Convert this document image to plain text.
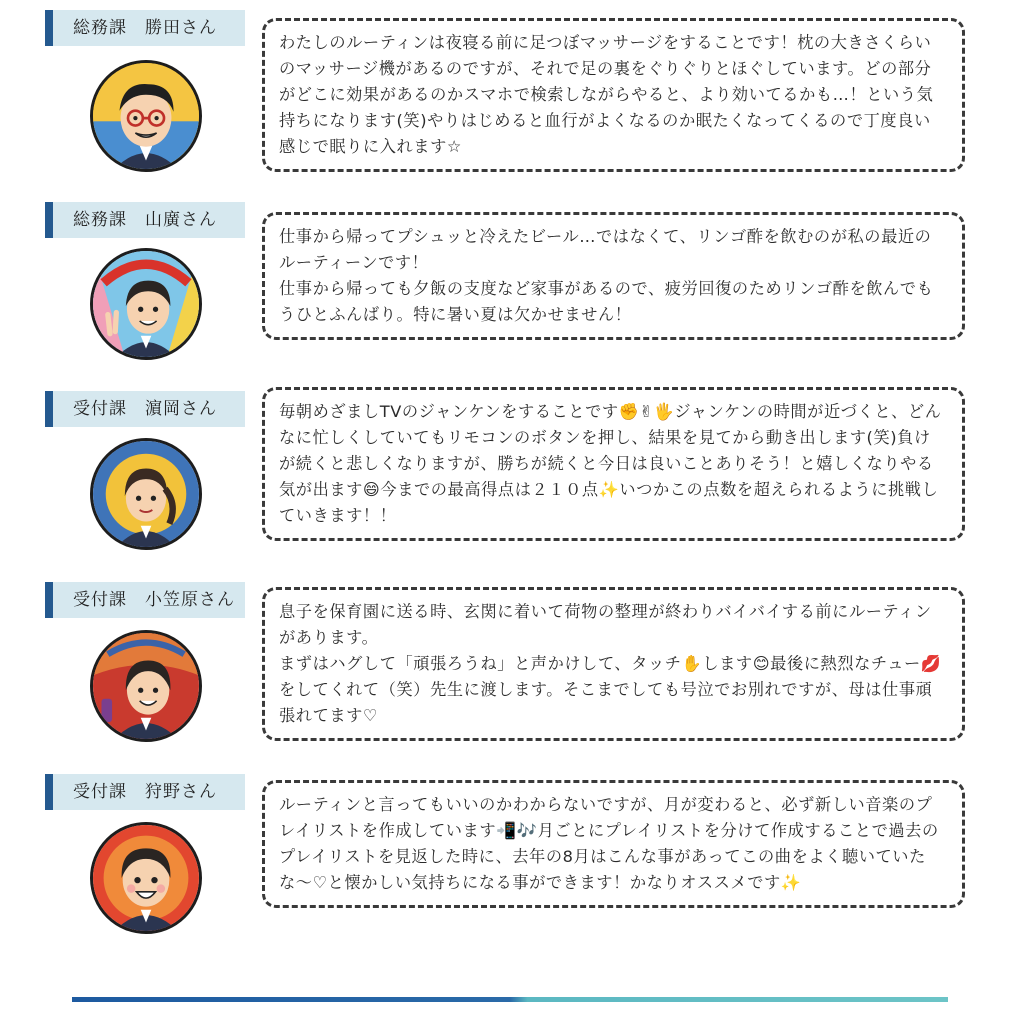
総務課　勝田さん

わたしのルーティンは夜寝る前に足つぼマッサージをすることです！枕の大きさくらいのマッサージ機があるのですが、それで足の裏をぐりぐりとほぐしています。どの部分がどこに効果があるのかスマホで検索しながらやると、より効いてるかも…！という気持ちになります(笑)やりはじめると血行がよくなるのか眠たくなってくるので丁度良い感じで眠りに入れます☆

総務課　山廣さん

仕事から帰ってプシュッと冷えたビール…ではなくて、リンゴ酢を飲むのが私の最近のルーティーンです！
仕事から帰っても夕飯の支度など家事があるので、疲労回復のためリンゴ酢を飲んでもうひとふんばり。特に暑い夏は欠かせません！

受付課　濵岡さん	毎朝めざましTVのジャンケンをすることです✊✌🖐ジャンケンの時間が近づくと、どんなに忙しくしていてもリモコンのボタンを押し、結果を見てから動き出します(笑)負けが続くと悲しくなりますが、勝ちが続くと今日は良いことありそう！と嬉しくなりやる気が出ます😄今までの最高得点は２１０点✨いつかこの点数を超えられるように挑戦していきます！！

受付課　小笠原さん

息子を保育園に送る時、玄関に着いて荷物の整理が終わりバイバイする前にルーティンがあります。
まずはハグして「頑張ろうね」と声かけして、タッチ✋します😊最後に熱烈なチュー💋をしてくれて（笑）先生に渡します。そこまでしても号泣でお別れですが、母は仕事頑張れてます♡

受付課　狩野さん

ルーティンと言ってもいいのかわからないですが、月が変わると、必ず新しい音楽のプレイリストを作成しています📲🎶月ごとにプレイリストを分けて作成することで過去のプレイリストを見返した時に、去年の8月はこんな事があってこの曲をよく聴いていたな〜♡と懐かしい気持ちになる事ができます！かなりオススメです✨
